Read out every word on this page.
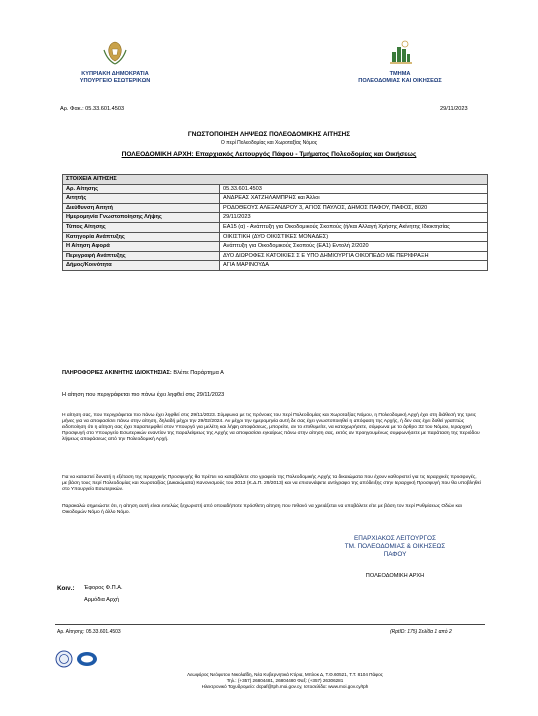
ΚΥΠΡΙΑΚΗ ΔΗΜΟΚΡΑΤΙΑ
ΥΠΟΥΡΓΕΙΟ ΕΣΩΤΕΡΙΚΩΝ
ΤΜΗΜΑ
ΠΟΛΕΟΔΟΜΙΑΣ ΚΑΙ ΟΙΚΗΣΕΩΣ
Αρ. Φακ.: 05.33.601.4503	29/11/2023
ΓΝΩΣΤΟΠΟΙΗΣΗ ΛΗΨΕΩΣ ΠΟΛΕΟΔΟΜΙΚΗΣ ΑΙΤΗΣΗΣ
Ο περί Πολεοδομίας και Χωροταξίας Νόμος
ΠΟΛΕΟΔΟΜΙΚΗ ΑΡΧΗ: Επαρχιακός Λειτουργός Πάφου - Τμήματος Πολεοδομίας και Οικήσεως
ΣΤΟΙΧΕΙΑ ΑΙΤΗΣΗΣ	
Αρ. Αίτησης	05.33.601.4503
Αιτητής	ΑΝΔΡΕΑΣ ΧΑΤΖΗΛΑΜΠΡΗΣ και Άλλοι
Διεύθυνση Αιτητή	ΡΟΔΟΘΕΟΥΣ ΑΛΕΞΑΝΔΡΟΥ 3, ΑΓΙΟΣ ΠΑΥΛΟΣ, ΔΗΜΟΣ ΠΑΦΟΥ, ΠΑΦΟΣ, 8020
Ημερομηνία Γνωστοποίησης Λήψης	29/11/2023
Τύπος Αίτησης	ΕΑ15 (α) - Ανάπτυξη για Οικοδομικούς Σκοπούς (ή/και Αλλαγή Χρήσης Ακίνητης Ιδιοκτησίας
Κατηγορία Ανάπτυξης	ΟΙΚΙΣΤΙΚΗ (ΔΥΟ ΟΙΚΙΣΤΙΚΕΣ ΜΟΝΑΔΕΣ)
Η Αίτηση Αφορά	Ανάπτυξη για Οικοδομικούς Σκοπούς (ΕΑ1) Εντολή 2/2020
Περιγραφή Ανάπτυξης	ΔΥΟ ΔΙΩΡΟΦΕΣ ΚΑΤΟΙΚΙΕΣ Σ Ε ΥΠΟ ΔΗΜΙΟΥΡΓΙΑ ΟΙΚΟΠΕΔΟ ΜΕ ΠΕΡΙΦΡΑΞΗ
Δήμος/Κοινότητα	ΑΓΙΑ ΜΑΡΙΝΟΥΔΑ
ΠΛΗΡΟΦΟΡΙΕΣ ΑΚΙΝΗΤΗΣ ΙΔΙΟΚΤΗΣΙΑΣ: Βλέπε Παράρτημα Α
Η αίτηση που περιγράφεται πιο πάνω έχει ληφθεί στις 29/11/2023
Η αίτηση σας, που περιγράφεται πιο πάνω έχει ληφθεί στις 29/11/2023. Σύμφωνα με τις πρόνοιες του περί Πολεοδομίας και Χωροταξίας Νόμου, η Πολεοδομική Αρχή έχει στη διάθεσή της τρεις μήνες για να αποφασίσει πάνω στην αίτηση, δηλαδή μέχρι την 29/02/2024. Αν μέχρι την ημερομηνία αυτή δε σας έχει γνωστοποιηθεί η απόφαση της Αρχής, ή δεν σας έχει δοθεί γραπτώς ειδοποίηση ότι η αίτηση σας έχει παραπεμφθεί στον Υπουργό για μελέτη και λήψη αποφάσεως, μπορείτε, αν το επιθυμείτε, να καταχωρήσετε, σύμφωνα με το άρθρο 32 του Νόμου, Ιεραρχική Προσφυγή στο Υπουργείο Εσωτερικών εναντίον της παραλείψεως της Αρχής να αποφασίσει εγκαίρως πάνω στην αίτηση σας, εκτός αν προηγουμένως συμφωνήσετε με παράταση της περιόδου λήψεως αποφάσεως από την Πολεοδομική Αρχή.
Για να καταστεί δυνατή η εξέταση της Ιεραρχικής Προσφυγής θα πρέπει να καταβάλετε στο γραφείο της Πολεοδομικής Αρχής τα δικαιώματα που έχουν καθοριστεί για τις Ιεραρχικές προσφυγές, με βάση τους περί Πολεοδομίας και Χωροταξίας (Δικαιώματα) Κανονισμούς του 2013 (Κ.Δ.Π. 29/2013) και να επισυνάψετε αντίγραφο της απόδειξης στην Ιεραρχική Προσφυγή που θα υποβληθεί στο Υπουργείο Εσωτερικών.
Παρακαλώ σημειώστε ότι, η αίτηση αυτή είναι εντελώς ξεχωριστή από οποιαδήποτε πρόσθετη αίτηση που πιθανό να χρειάζεται να υποβάλετε είτε με βάση τον περί Ρυθμίσεως Οδών και Οικοδομών Νόμο ή άλλο Νόμο.
ΕΠΑΡΧΙΑΚΟΣ ΛΕΙΤΟΥΡΓΟΣ
ΤΜ. ΠΟΛΕΟΔΟΜΙΑΣ & ΟΙΚΗΣΕΩΣ
ΠΑΦΟΥ
ΠΟΛΕΟΔΟΜΙΚΗ ΑΡΧΗ
Κοιν.: Έφορος Φ.Π.Α.
Αρμόδια Αρχή
Αρ. Αίτησης: 05.33.601.4503	(RptID: 175) Σελίδα 1 από 2
Λεωφόρος Νεόφυτου Νικολαΐδη, Νέα Κυβερνητικά Κτίρια, Μπλοκ Δ, Τ.Θ.60521, Τ.Τ. 8104 Πάφος
Τηλ.: (+357) 26804481, 26804480 Φαξ: (+357) 26306281
Ηλεκτρονικό Ταχυδρομείο: dcpaf@tph.moi.gov.cy, Ιστοσελίδα: www.moi.gov.cy/tph
